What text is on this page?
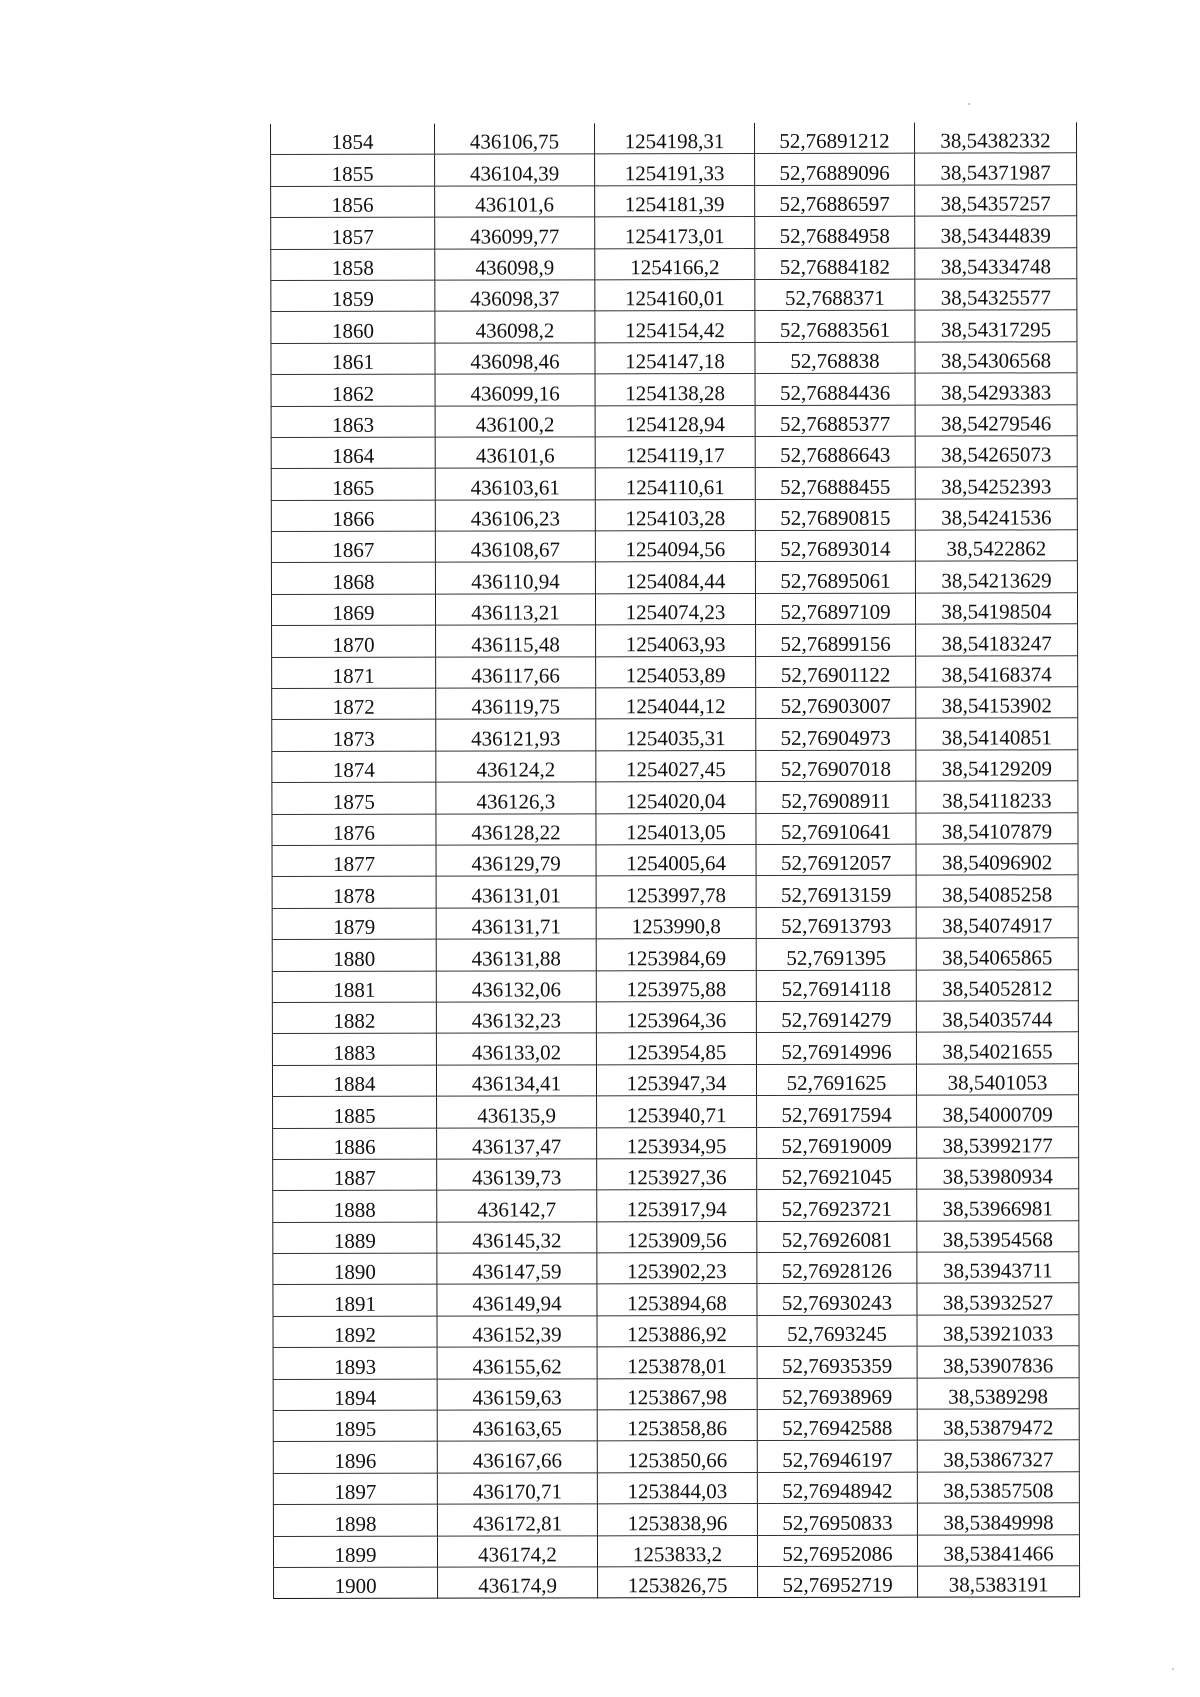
1854	436106,75	1254198,31	52,76891212	38,54382332
1855	436104,39	1254191,33	52,76889096	38,54371987
1856	436101,6	1254181,39	52,76886597	38,54357257
1857	436099,77	1254173,01	52,76884958	38,54344839
1858	436098,9	1254166,2	52,76884182	38,54334748
1859	436098,37	1254160,01	52,7688371	38,54325577
1860	436098,2	1254154,42	52,76883561	38,54317295
1861	436098,46	1254147,18	52,768838	38,54306568
1862	436099,16	1254138,28	52,76884436	38,54293383
1863	436100,2	1254128,94	52,76885377	38,54279546
1864	436101,6	1254119,17	52,76886643	38,54265073
1865	436103,61	1254110,61	52,76888455	38,54252393
1866	436106,23	1254103,28	52,76890815	38,54241536
1867	436108,67	1254094,56	52,76893014	38,5422862
1868	436110,94	1254084,44	52,76895061	38,54213629
1869	436113,21	1254074,23	52,76897109	38,54198504
1870	436115,48	1254063,93	52,76899156	38,54183247
1871	436117,66	1254053,89	52,76901122	38,54168374
1872	436119,75	1254044,12	52,76903007	38,54153902
1873	436121,93	1254035,31	52,76904973	38,54140851
1874	436124,2	1254027,45	52,76907018	38,54129209
1875	436126,3	1254020,04	52,76908911	38,54118233
1876	436128,22	1254013,05	52,76910641	38,54107879
1877	436129,79	1254005,64	52,76912057	38,54096902
1878	436131,01	1253997,78	52,76913159	38,54085258
1879	436131,71	1253990,8	52,76913793	38,54074917
1880	436131,88	1253984,69	52,7691395	38,54065865
1881	436132,06	1253975,88	52,76914118	38,54052812
1882	436132,23	1253964,36	52,76914279	38,54035744
1883	436133,02	1253954,85	52,76914996	38,54021655
1884	436134,41	1253947,34	52,7691625	38,5401053
1885	436135,9	1253940,71	52,76917594	38,54000709
1886	436137,47	1253934,95	52,76919009	38,53992177
1887	436139,73	1253927,36	52,76921045	38,53980934
1888	436142,7	1253917,94	52,76923721	38,53966981
1889	436145,32	1253909,56	52,76926081	38,53954568
1890	436147,59	1253902,23	52,76928126	38,53943711
1891	436149,94	1253894,68	52,76930243	38,53932527
1892	436152,39	1253886,92	52,7693245	38,53921033
1893	436155,62	1253878,01	52,76935359	38,53907836
1894	436159,63	1253867,98	52,76938969	38,5389298
1895	436163,65	1253858,86	52,76942588	38,53879472
1896	436167,66	1253850,66	52,76946197	38,53867327
1897	436170,71	1253844,03	52,76948942	38,53857508
1898	436172,81	1253838,96	52,76950833	38,53849998
1899	436174,2	1253833,2	52,76952086	38,53841466
1900	436174,9	1253826,75	52,76952719	38,5383191
